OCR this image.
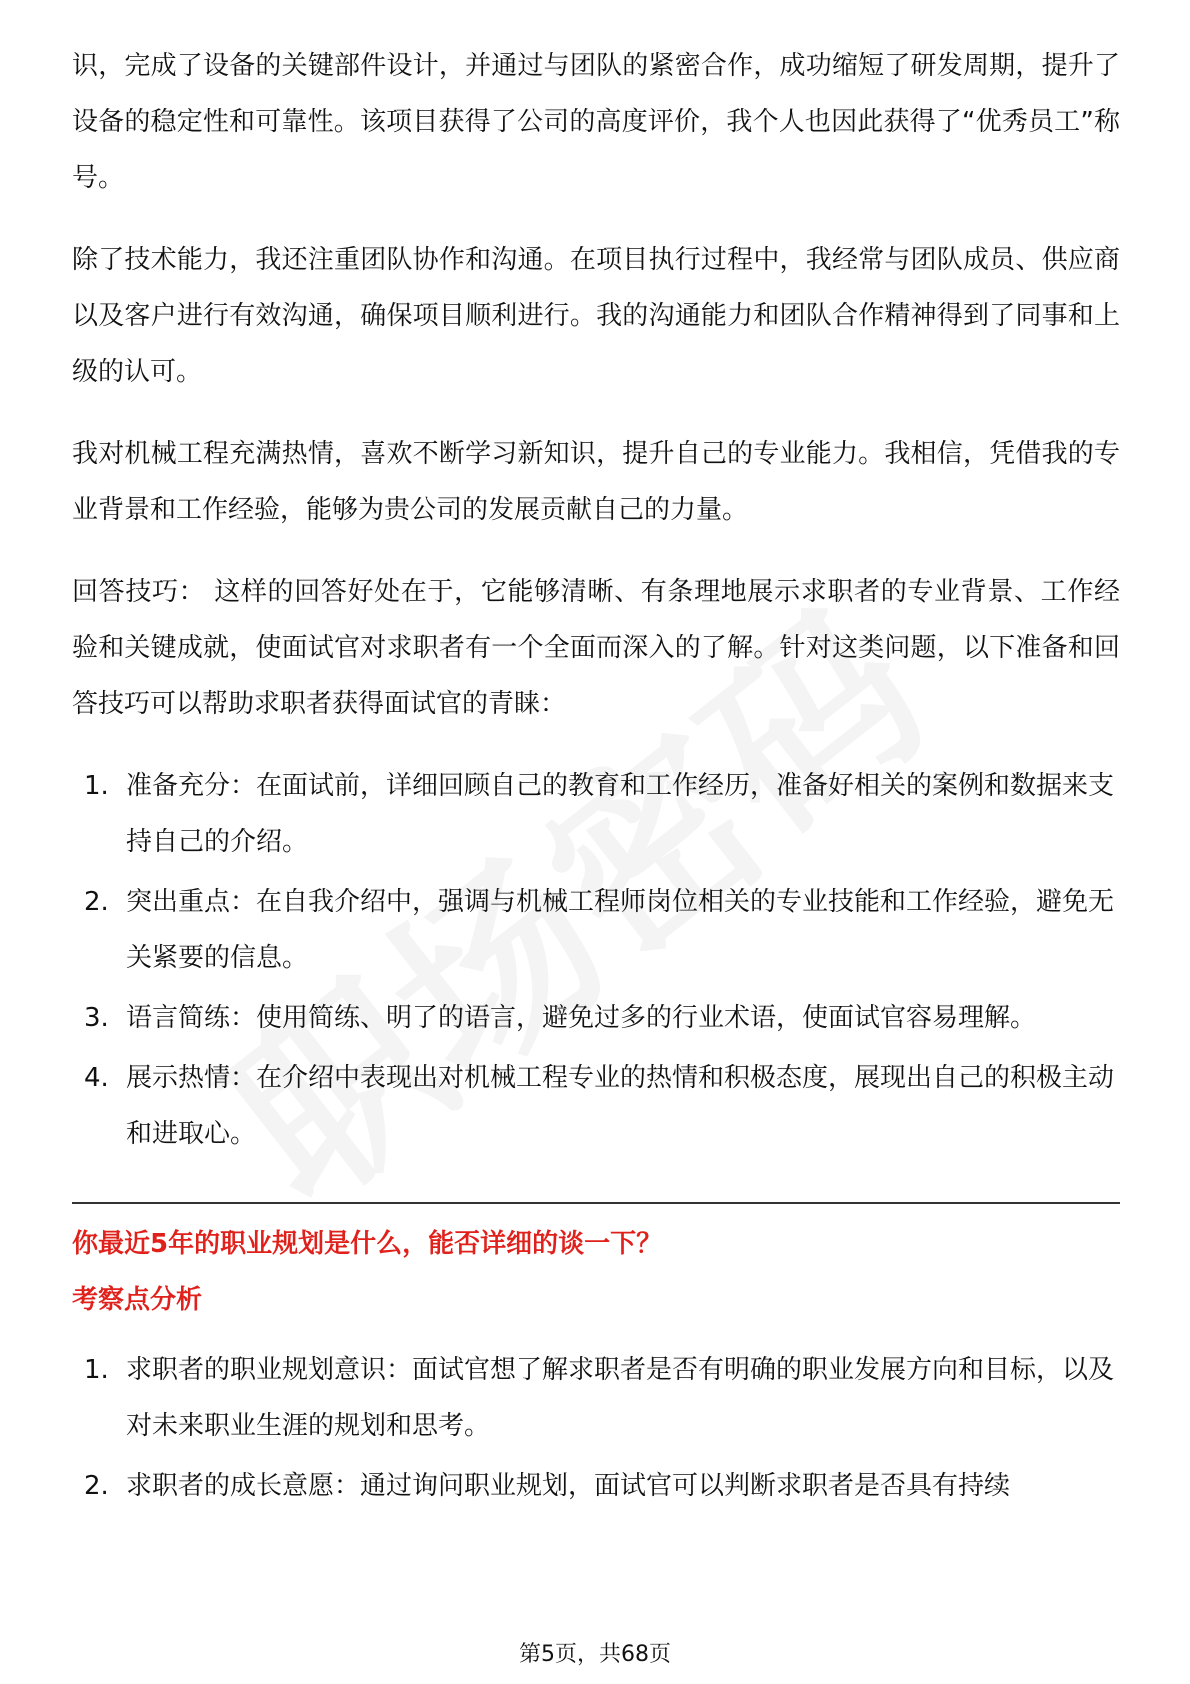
识，完成了设备的关键部件设计，并通过与团队的紧密合作，成功缩短了研发周期，提升了设备的稳定性和可靠性。该项目获得了公司的高度评价，我个人也因此获得了“优秀员工”称号。

除了技术能力，我还注重团队协作和沟通。在项目执行过程中，我经常与团队成员、供应商以及客户进行有效沟通，确保项目顺利进行。我的沟通能力和团队合作精神得到了同事和上级的认可。

我对机械工程充满热情，喜欢不断学习新知识，提升自己的专业能力。我相信，凭借我的专业背景和工作经验，能够为贵公司的发展贡献自己的力量。

回答技巧： 这样的回答好处在于，它能够清晰、有条理地展示求职者的专业背景、工作经验和关键成就，使面试官对求职者有一个全面而深入的了解。针对这类问题，以下准备和回答技巧可以帮助求职者获得面试官的青睐：

1. 准备充分：在面试前，详细回顾自己的教育和工作经历，准备好相关的案例和数据来支持自己的介绍。
2. 突出重点：在自我介绍中，强调与机械工程师岗位相关的专业技能和工作经验，避免无关紧要的信息。
3. 语言简练：使用简练、明了的语言，避免过多的行业术语，使面试官容易理解。
4. 展示热情：在介绍中表现出对机械工程专业的热情和积极态度，展现出自己的积极主动和进取心。
你最近5年的职业规划是什么，能否详细的谈一下？
考察点分析
1. 求职者的职业规划意识：面试官想了解求职者是否有明确的职业发展方向和目标，以及对未来职业生涯的规划和思考。
2. 求职者的成长意愿：通过询问职业规划，面试官可以判断求职者是否具有持续
第5页，共68页
